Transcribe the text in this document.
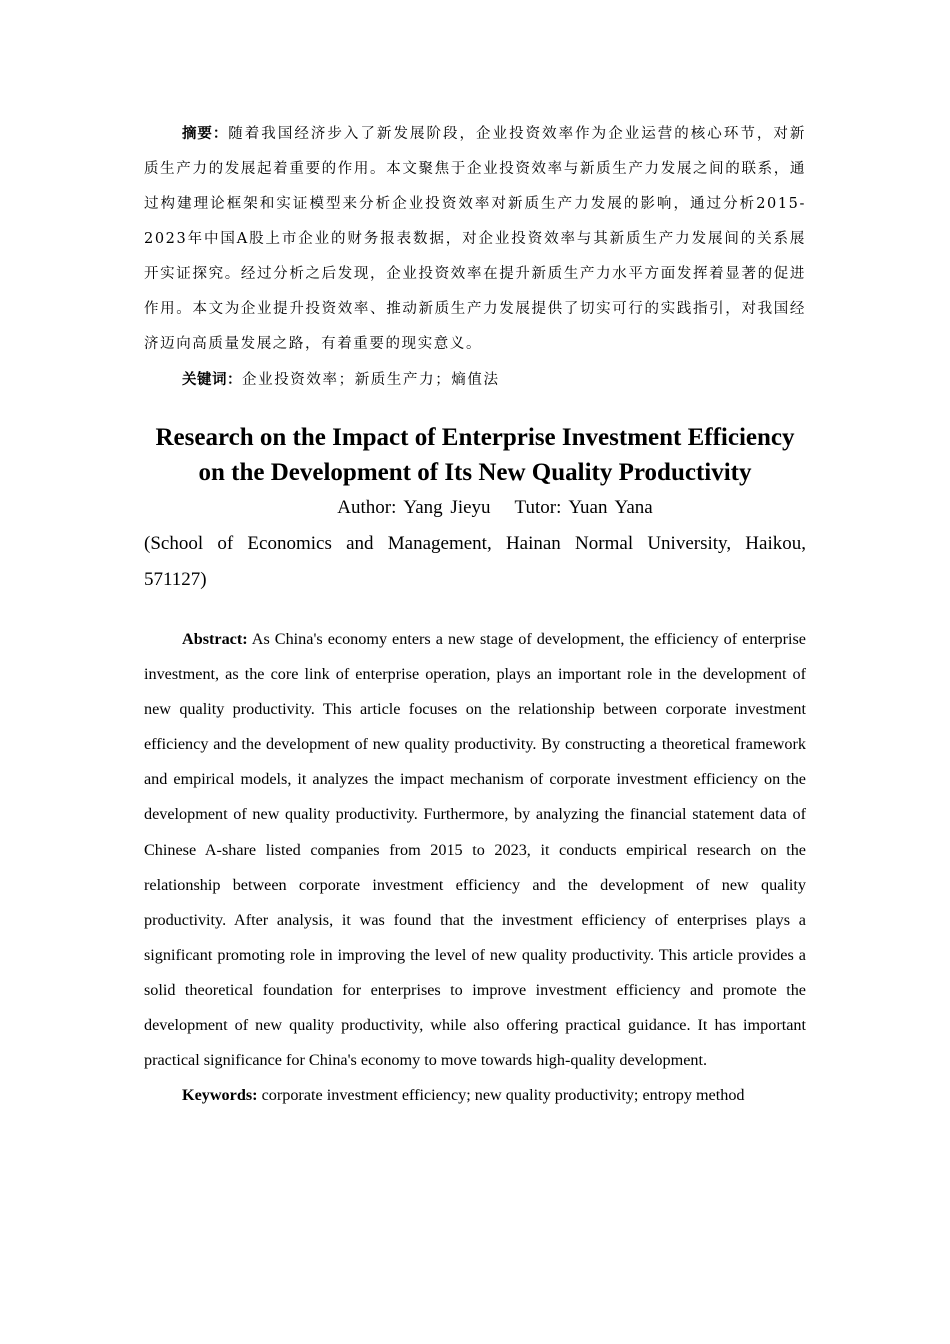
摘要：随着我国经济步入了新发展阶段，企业投资效率作为企业运营的核心环节，对新质生产力的发展起着重要的作用。本文聚焦于企业投资效率与新质生产力发展之间的联系，通过构建理论框架和实证模型来分析企业投资效率对新质生产力发展的影响，通过分析2015-2023年中国A股上市企业的财务报表数据，对企业投资效率与其新质生产力发展间的关系展开实证探究。经过分析之后发现，企业投资效率在提升新质生产力水平方面发挥着显著的促进作用。本文为企业提升投资效率、推动新质生产力发展提供了切实可行的实践指引，对我国经济迈向高质量发展之路，有着重要的现实意义。

关键词：企业投资效率；新质生产力；熵值法

Research on the Impact of Enterprise Investment Efficiency
on the Development of Its New Quality Productivity

Author: Yang Jieyu Tutor: Yuan Yana

(School of Economics and Management, Hainan Normal University, Haikou,
571127)

Abstract: As China's economy enters a new stage of development, the efficiency of enterprise investment, as the core link of enterprise operation, plays an important role in the development of new quality productivity. This article focuses on the relationship between corporate investment efficiency and the development of new quality productivity. By constructing a theoretical framework and empirical models, it analyzes the impact mechanism of corporate investment efficiency on the development of new quality productivity. Furthermore, by analyzing the financial statement data of Chinese A-share listed companies from 2015 to 2023, it conducts empirical research on the relationship between corporate investment efficiency and the development of new quality productivity. After analysis, it was found that the investment efficiency of enterprises plays a significant promoting role in improving the level of new quality productivity. This article provides a solid theoretical foundation for enterprises to improve investment efficiency and promote the development of new quality productivity, while also offering practical guidance. It has important practical significance for China's economy to move towards high-quality development.

Keywords: corporate investment efficiency; new quality productivity; entropy method
